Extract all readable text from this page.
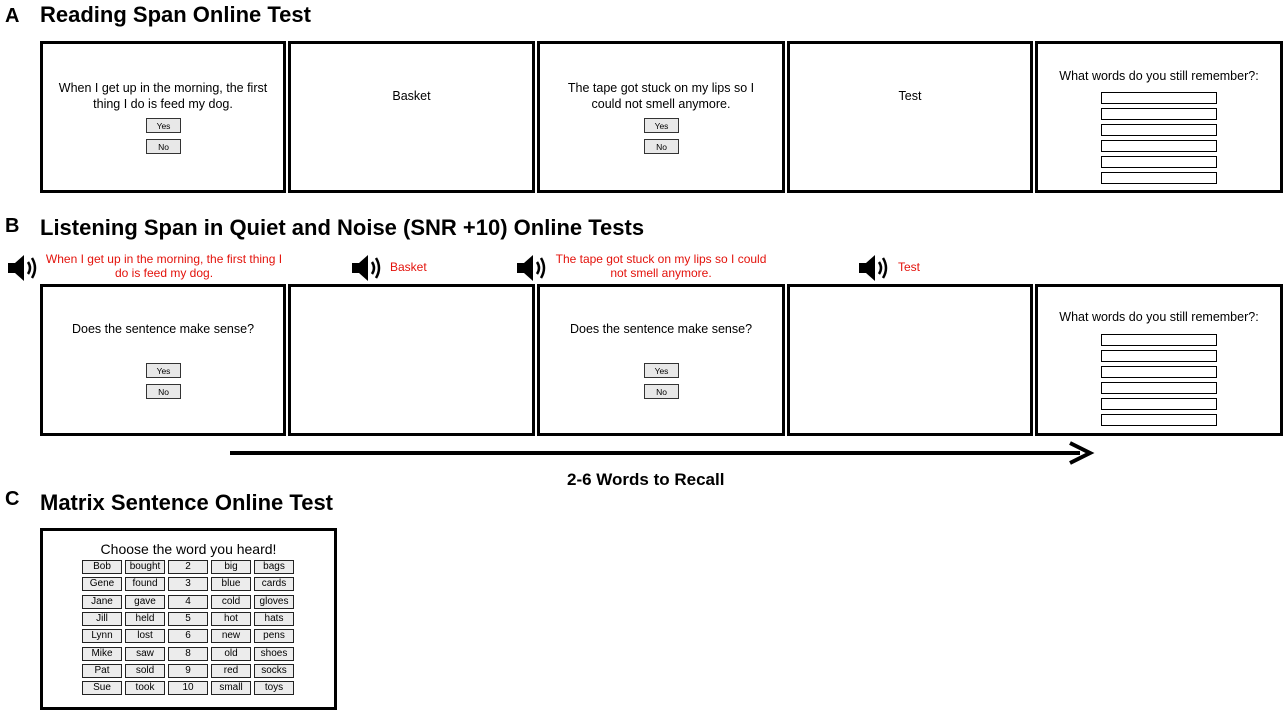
A Reading Span Online Test
When I get up in the morning, the first thing I do is feed my dog.
Yes
No
Basket
The tape got stuck on my lips so I could not smell anymore.
Yes
No
Test
What words do you still remember?:
B Listening Span in Quiet and Noise (SNR +10) Online Tests
When I get up in the morning, the first thing I do is feed my dog.	Basket
The tape got stuck on my lips so I could not smell anymore.	Test
Does the sentence make sense?
Yes
No
Does the sentence make sense?
Yes
No
What words do you still remember?:
2-6 Words to Recall
C Matrix Sentence Online Test
Choose the word you heard!
Bob
Gene
Jane
Jill
Lynn
Mike
Pat
Sue
bought
found
gave
held
lost
saw
sold
took
2
3
4
5
6
8
9
10
big
blue
cold
hot
new
old
red
small
bags
cards
gloves
hats
pens
shoes
socks
toys
